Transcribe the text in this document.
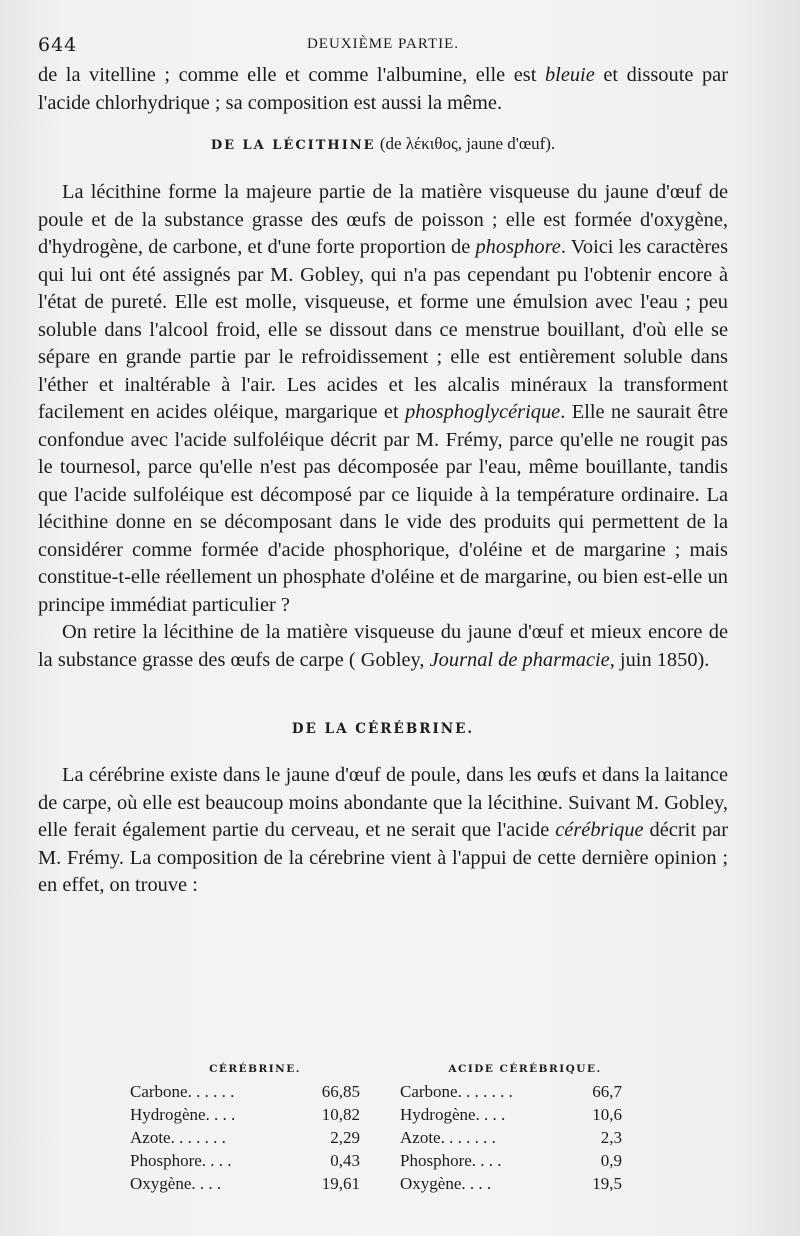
644	DEUXIÈME PARTIE.

de la vitelline ; comme elle et comme l'albumine, elle est bleuie et dissoute par l'acide chlorhydrique ; sa composition est aussi la même.

DE LA LÉCITHINE (de λέκιθος, jaune d'œuf).

La lécithine forme la majeure partie de la matière visqueuse du jaune d'œuf de poule et de la substance grasse des œufs de poisson ; elle est formée d'oxygène, d'hydrogène, de carbone, et d'une forte proportion de phosphore. Voici les caractères qui lui ont été assignés par M. Gobley, qui n'a pas cependant pu l'obtenir encore à l'état de pureté. Elle est molle, visqueuse, et forme une émulsion avec l'eau ; peu soluble dans l'alcool froid, elle se dissout dans ce menstrue bouillant, d'où elle se sépare en grande partie par le refroidissement ; elle est entièrement soluble dans l'éther et inaltérable à l'air. Les acides et les alcalis minéraux la transforment facilement en acides oléique, margarique et phosphoglycérique. Elle ne saurait être confondue avec l'acide sulfoléique décrit par M. Frémy, parce qu'elle ne rougit pas le tournesol, parce qu'elle n'est pas décomposée par l'eau, même bouillante, tandis que l'acide sulfoléique est décomposé par ce liquide à la température ordinaire. La lécithine donne en se décomposant dans le vide des produits qui permettent de la considérer comme formée d'acide phosphorique, d'oléine et de margarine ; mais constitue-t-elle réellement un phosphate d'oléine et de margarine, ou bien est-elle un principe immédiat particulier ?

On retire la lécithine de la matière visqueuse du jaune d'œuf et mieux encore de la substance grasse des œufs de carpe ( Gobley, Journal de pharmacie, juin 1850).

DE LA CÉRÉBRINE.

La cérébrine existe dans le jaune d'œuf de poule, dans les œufs et dans la laitance de carpe, où elle est beaucoup moins abondante que la lécithine. Suivant M. Gobley, elle ferait également partie du cerveau, et ne serait que l'acide cérébrique décrit par M. Frémy. La composition de la cérebrine vient à l'appui de cette dernière opinion ; en effet, on trouve :

CÉRÉBRINE.
Carbone. . . . . .	66,85
Hydrogène. . . .	10,82
Azote. . . . . . .	2,29
Phosphore. . . .	0,43
Oxygène. . . .	19,61
ACIDE CÉRÉBRIQUE.
Carbone. . . . . . .	66,7
Hydrogène. . . .	10,6
Azote. . . . . . .	2,3
Phosphore. . . .	0,9
Oxygène. . . .	19,5
